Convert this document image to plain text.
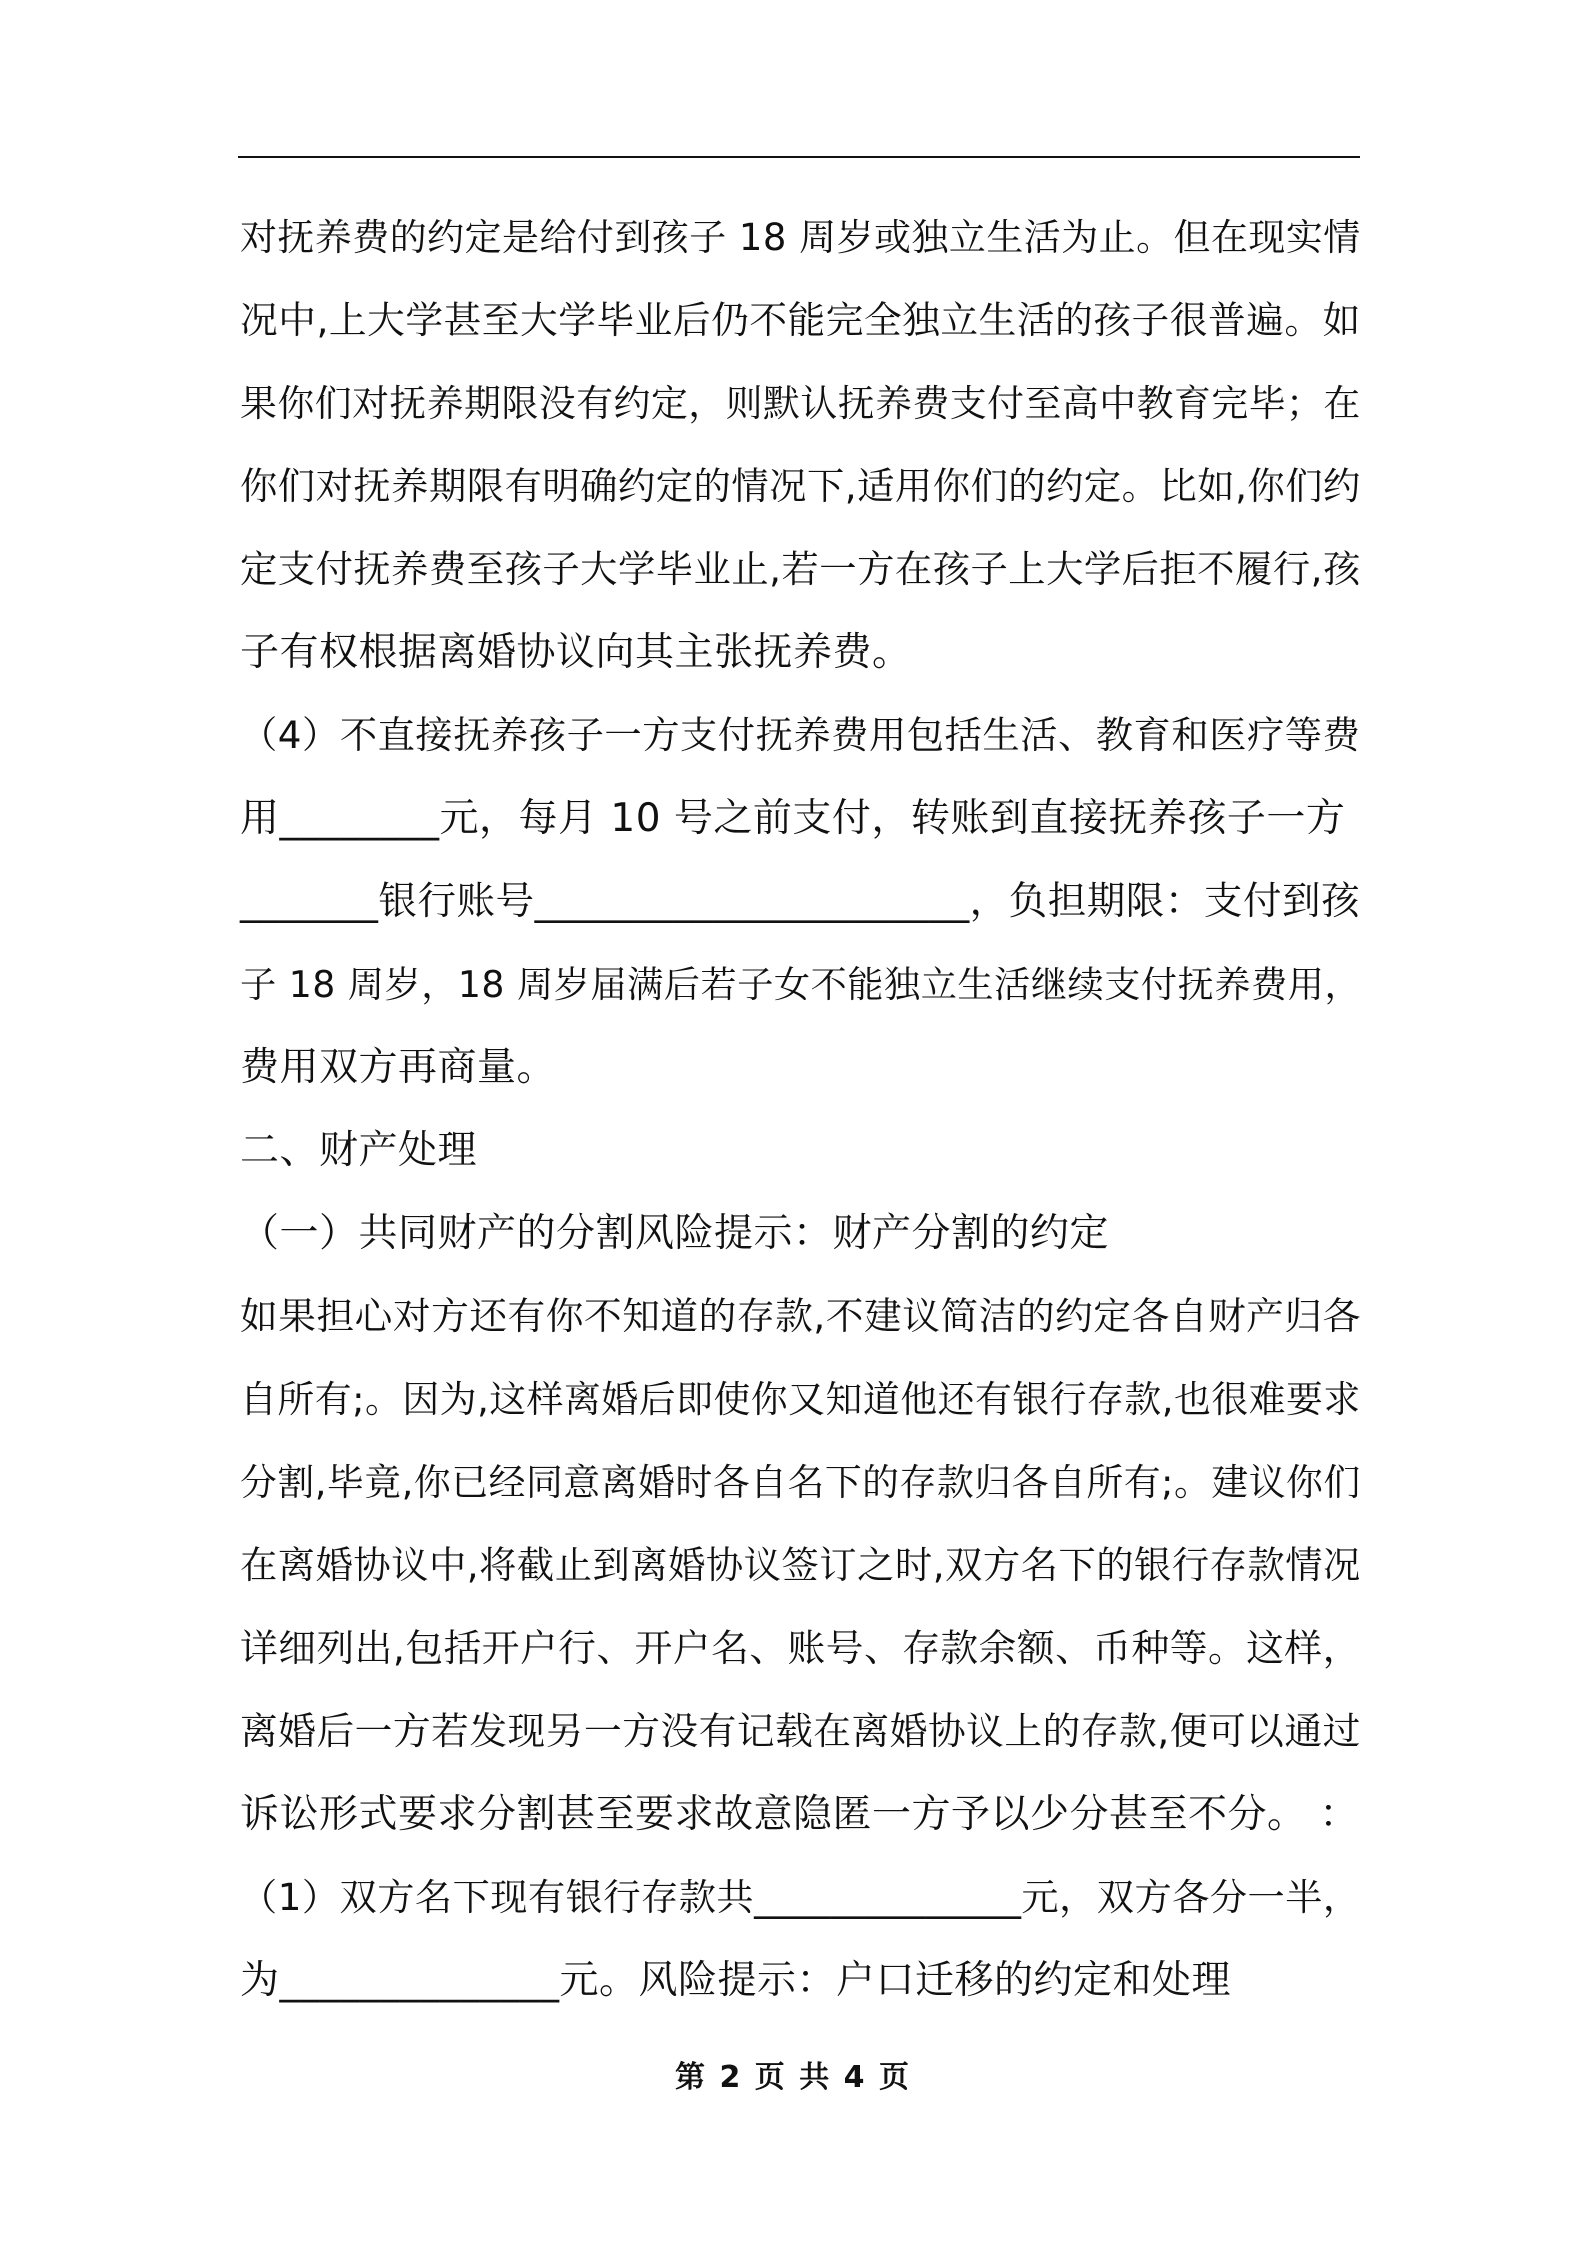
对抚养费的约定是给付到孩子 18 周岁或独立生活为止。但在现实情
况中,上大学甚至大学毕业后仍不能完全独立生活的孩子很普遍。如
果你们对抚养期限没有约定，则默认抚养费支付至高中教育完毕；在
你们对抚养期限有明确约定的情况下,适用你们的约定。比如,你们约
定支付抚养费至孩子大学毕业止,若一方在孩子上大学后拒不履行,孩
子有权根据离婚协议向其主张抚养费。
（4）不直接抚养孩子一方支付抚养费用包括生活、教育和医疗等费
用________元，每月 10 号之前支付，转账到直接抚养孩子一方
_______银行账号______________________，负担期限：支付到孩
子 18 周岁，18 周岁届满后若子女不能独立生活继续支付抚养费用，
费用双方再商量。
二、财产处理
（一）共同财产的分割风险提示：财产分割的约定
如果担心对方还有你不知道的存款,不建议简洁的约定各自财产归各
自所有;。因为,这样离婚后即使你又知道他还有银行存款,也很难要求
分割,毕竟,你已经同意离婚时各自名下的存款归各自所有;。建议你们
在离婚协议中,将截止到离婚协议签订之时,双方名下的银行存款情况
详细列出,包括开户行、开户名、账号、存款余额、币种等。这样，
离婚后一方若发现另一方没有记载在离婚协议上的存款,便可以通过
诉讼形式要求分割甚至要求故意隐匿一方予以少分甚至不分。 ：
（1）双方名下现有银行存款共______________元，双方各分一半，
为______________元。风险提示：户口迁移的约定和处理
第 2 页 共 4 页
